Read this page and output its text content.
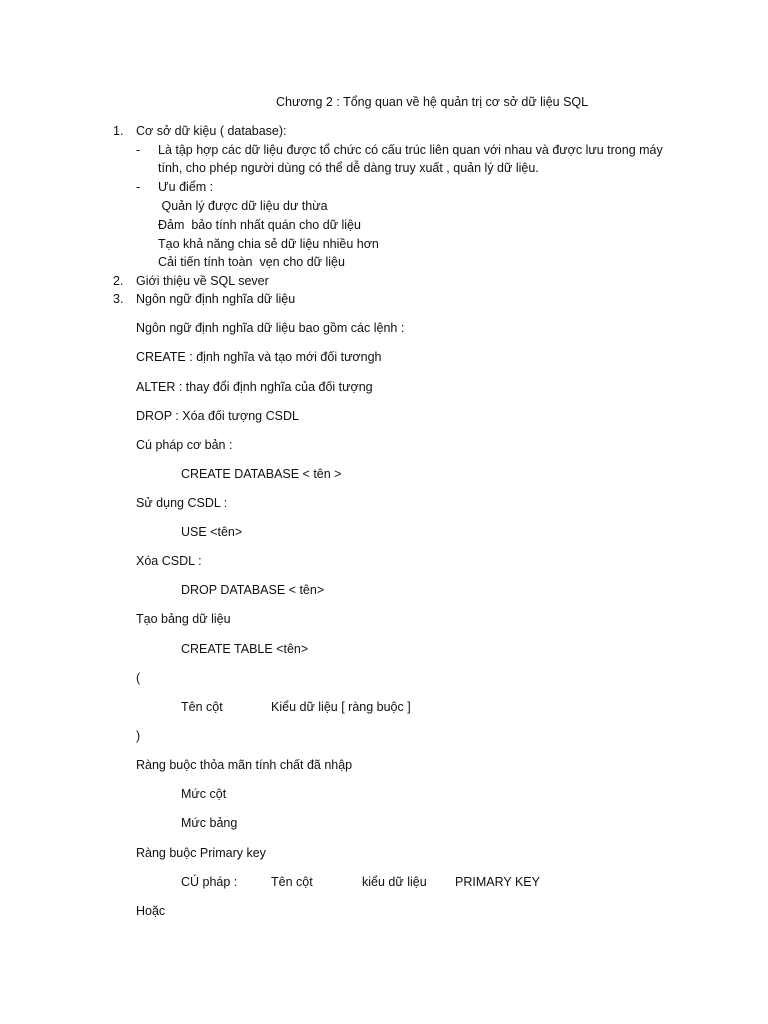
Chương 2 : Tổng quan về hệ quản trị cơ sở dữ liệu SQL
1. Cơ sở dữ kiệu ( database):
- Là tập hợp các dữ liệu được tổ chức có cấu trúc liên quan với nhau và được lưu trong máy
tính, cho phép người dùng có thể dễ dàng truy xuất , quản lý dữ liệu.
- Ưu điểm :
Quản lý được dữ liệu dư thừa
Đảm  bảo tính nhất quán cho dữ liệu
Tạo khả năng chia sẻ dữ liệu nhiều hơn
Cải tiến tính toàn  vẹn cho dữ liệu
2. Giới thiệu về SQL sever
3. Ngôn ngữ định nghĩa dữ liệu
Ngôn ngữ định nghĩa dữ liệu bao gồm các lệnh :
CREATE : định nghĩa và tạo mới đối tươngh
ALTER : thay đổi định nghĩa của đối tượng
DROP : Xóa đối tượng CSDL
Cú pháp cơ bản :
CREATE DATABASE < tên >
Sử dụng CSDL :
USE <tên>
Xóa CSDL :
DROP DATABASE < tên>
Tạo bảng dữ liệu
CREATE TABLE <tên>
(
Tên cột	Kiểu dữ liệu [ ràng buộc ]
)
Ràng buộc thỏa mãn tính chất đã nhập
Mức cột
Mức bảng
Ràng buộc Primary key
CÚ pháp :	Tên cột	kiểu dữ liệu PRIMARY KEY
Hoặc
